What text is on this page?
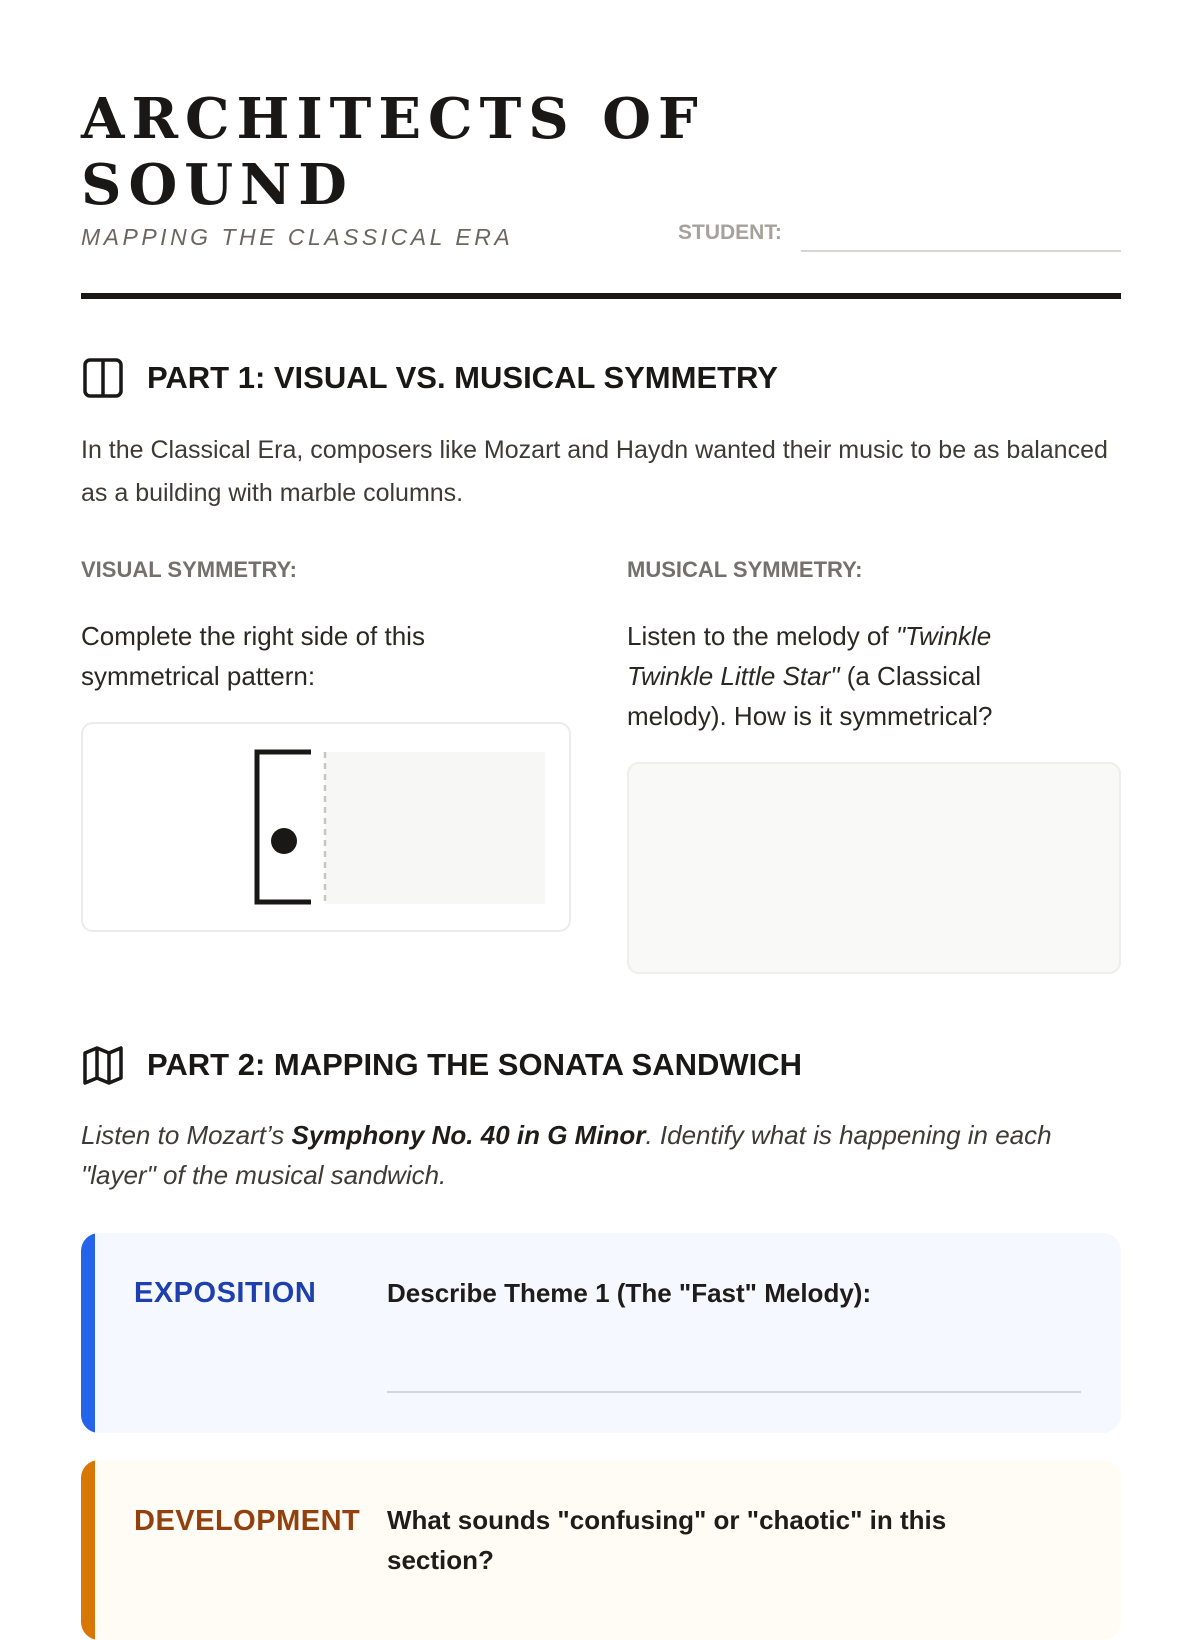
ARCHITECTS OF SOUND
MAPPING THE CLASSICAL ERA	STUDENT:
PART 1: VISUAL VS. MUSICAL SYMMETRY
In the Classical Era, composers like Mozart and Haydn wanted their music to be as balanced as a building with marble columns.
VISUAL SYMMETRY:
Complete the right side of this symmetrical pattern:
MUSICAL SYMMETRY:
Listen to the melody of "Twinkle Twinkle Little Star" (a Classical melody). How is it symmetrical?
PART 2: MAPPING THE SONATA SANDWICH
Listen to Mozart’s Symphony No. 40 in G Minor. Identify what is happening in each "layer" of the musical sandwich.
EXPOSITION	Describe Theme 1 (The "Fast" Melody):
DEVELOPMENT What sounds "confusing" or "chaotic" in this section?
